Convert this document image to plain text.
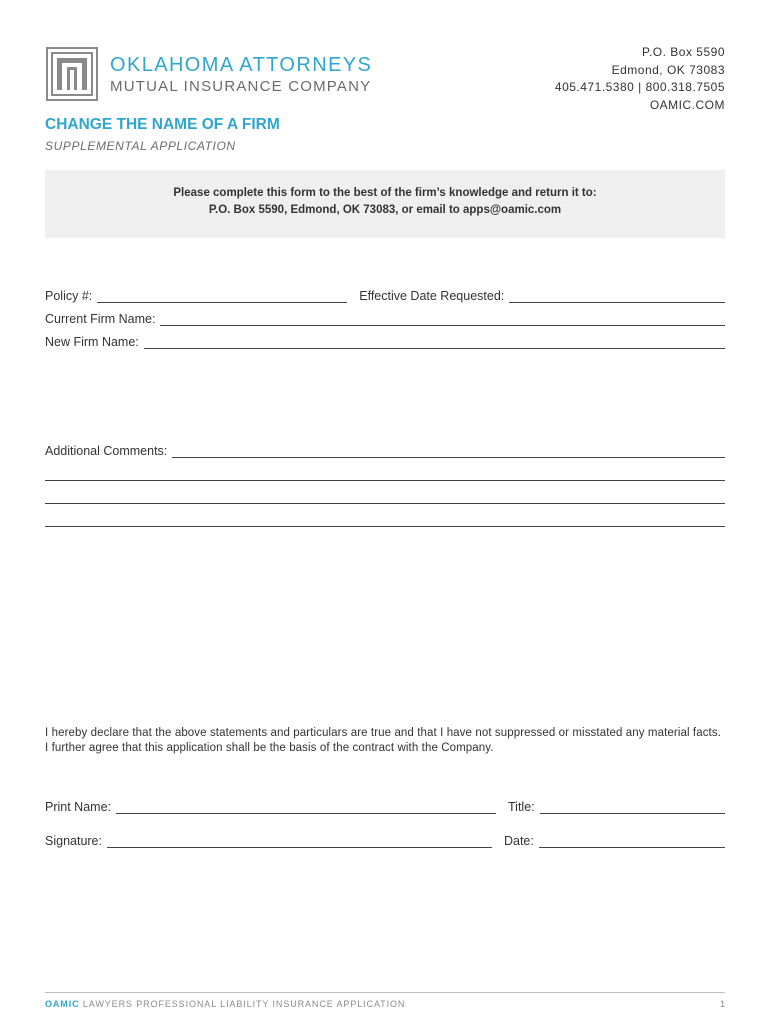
OKLAHOMA ATTORNEYS
MUTUAL INSURANCE COMPANY
P.O. Box 5590
Edmond, OK 73083
405.471.5380 | 800.318.7505
OAMIC.COM
CHANGE THE NAME OF A FIRM
SUPPLEMENTAL APPLICATION
Please complete this form to the best of the firm’s knowledge and return it to:
P.O. Box 5590, Edmond, OK 73083, or email to apps@oamic.com
Policy #:	Effective Date Requested:
Current Firm Name:
New Firm Name:
Additional Comments:
I hereby declare that the above statements and particulars are true and that I have not suppressed or misstated any material facts. I further agree that this application shall be the basis of the contract with the Company.
Print Name:	Title:
Signature:	Date:
OAMIC LAWYERS PROFESSIONAL LIABILITY INSURANCE APPLICATION	1
